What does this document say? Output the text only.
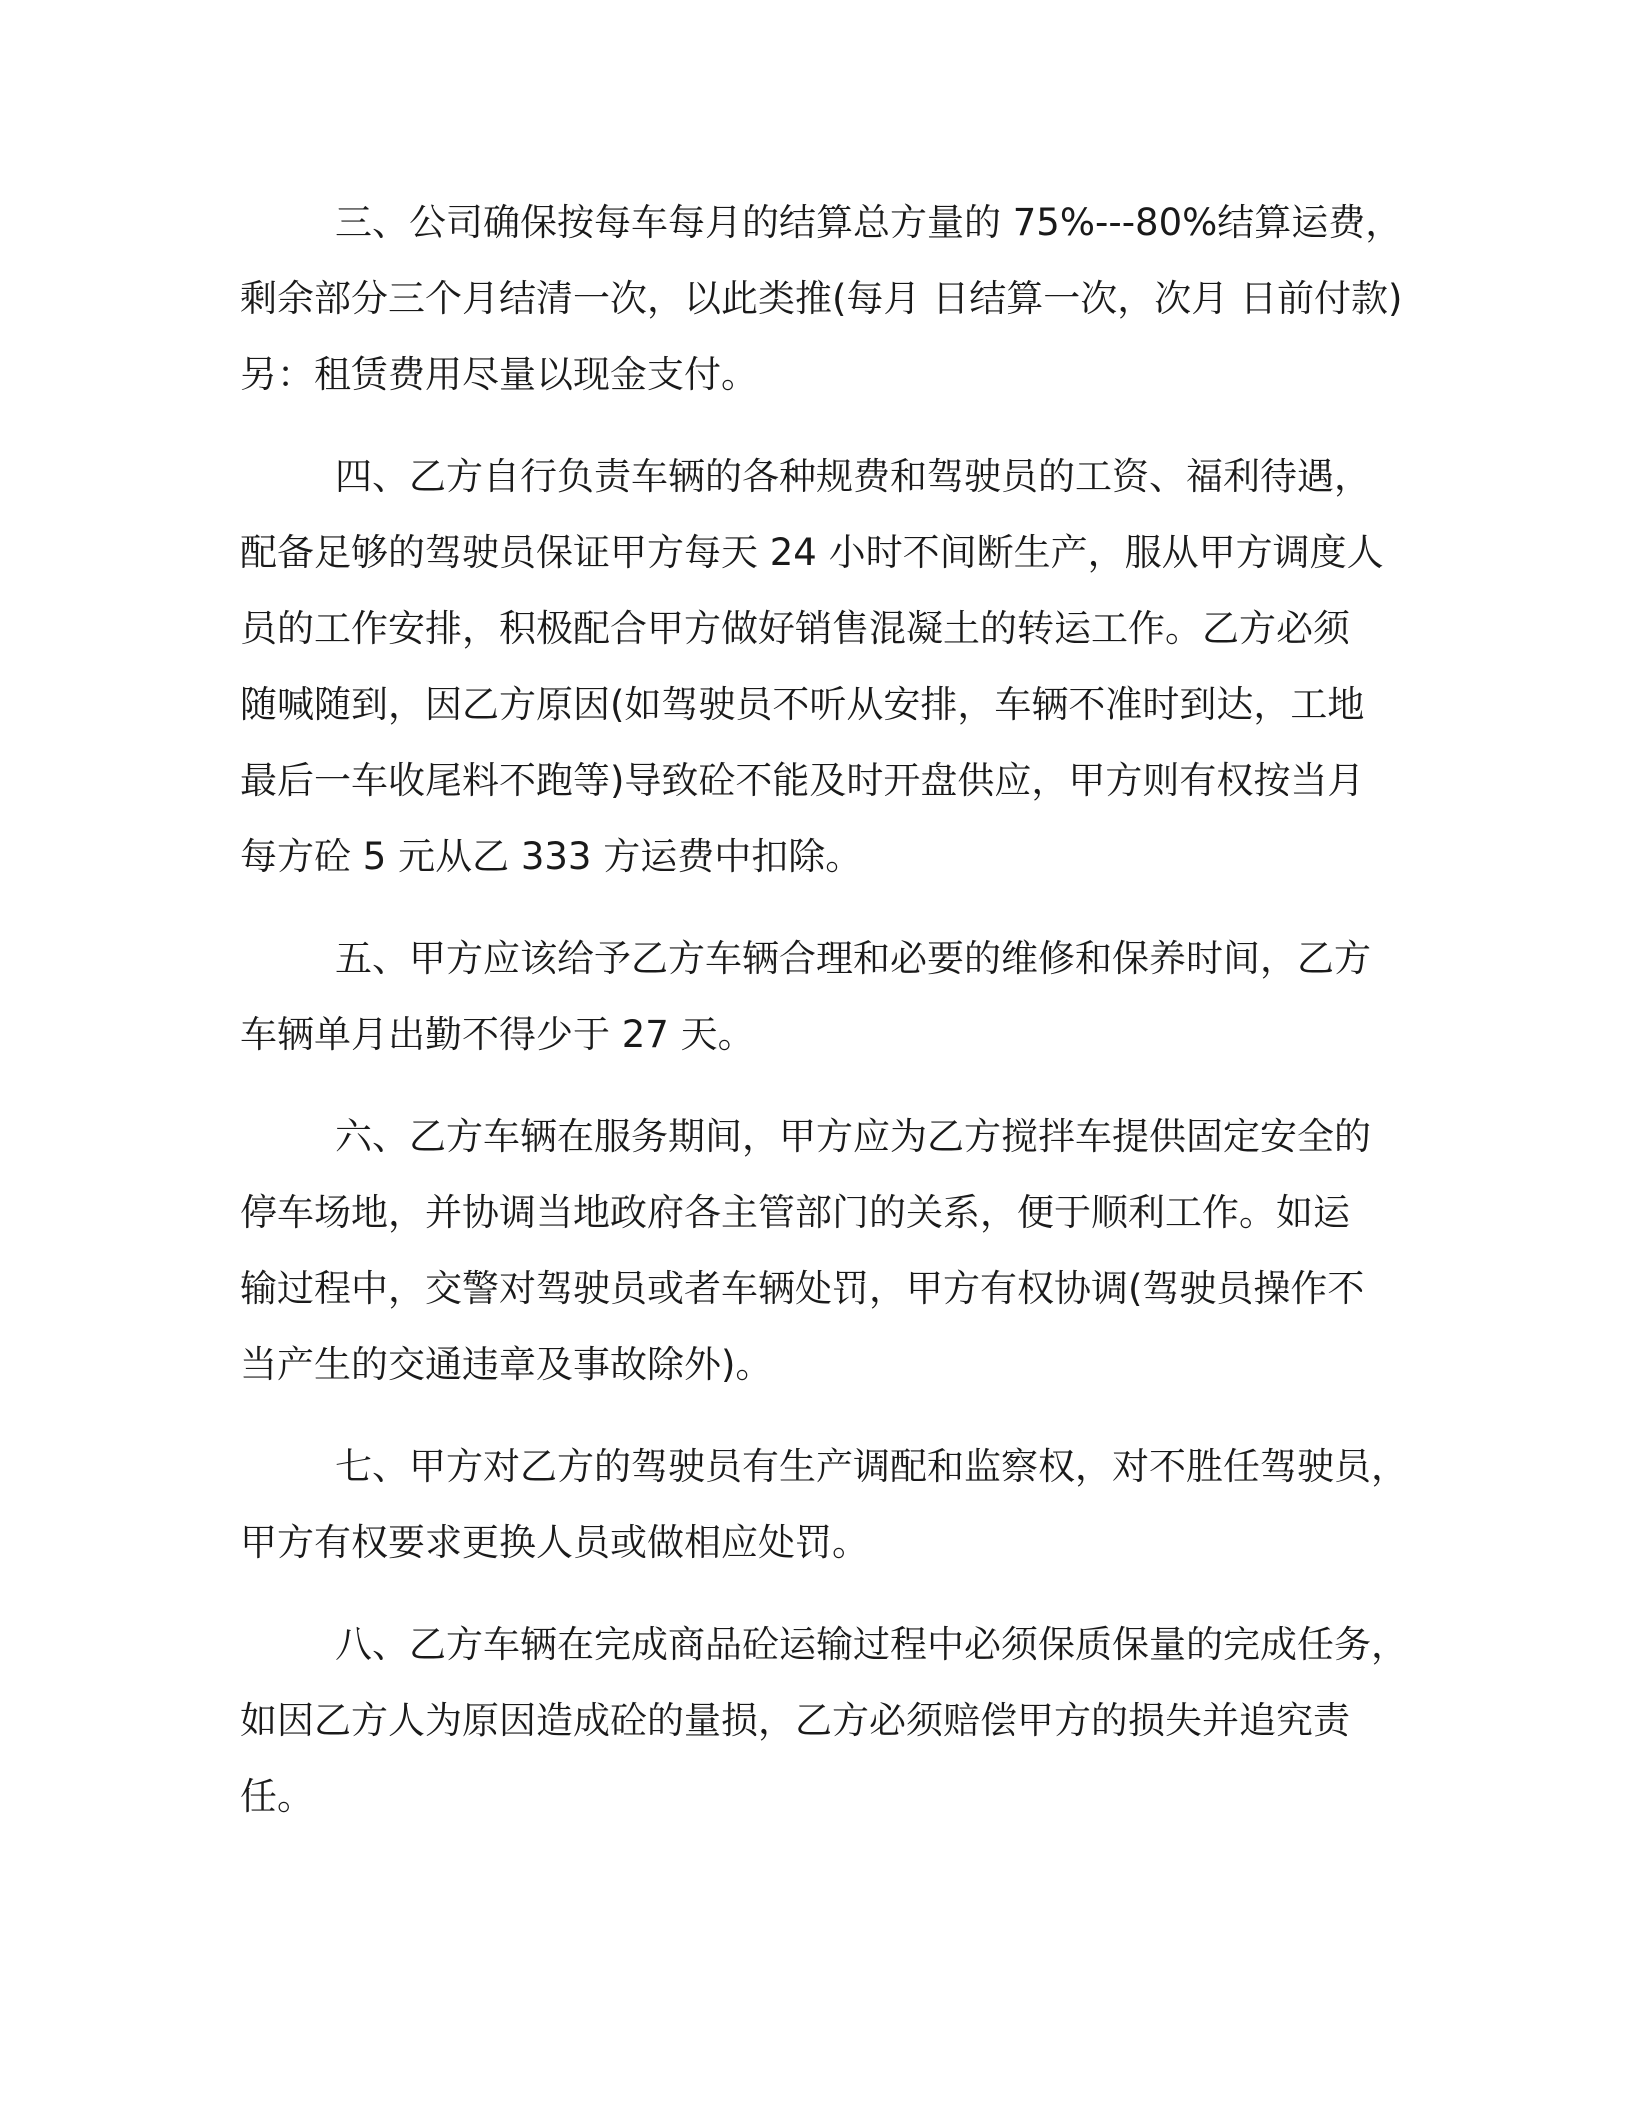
三、公司确保按每车每月的结算总方量的 75%---80%结算运费，
剩余部分三个月结清一次，以此类推(每月 日结算一次，次月 日前付款)
另：租赁费用尽量以现金支付。

四、乙方自行负责车辆的各种规费和驾驶员的工资、福利待遇，
配备足够的驾驶员保证甲方每天 24 小时不间断生产，服从甲方调度人
员的工作安排，积极配合甲方做好销售混凝土的转运工作。乙方必须
随喊随到，因乙方原因(如驾驶员不听从安排，车辆不准时到达，工地
最后一车收尾料不跑等)导致砼不能及时开盘供应，甲方则有权按当月
每方砼 5 元从乙 333 方运费中扣除。

五、甲方应该给予乙方车辆合理和必要的维修和保养时间，乙方
车辆单月出勤不得少于 27 天。

六、乙方车辆在服务期间，甲方应为乙方搅拌车提供固定安全的
停车场地，并协调当地政府各主管部门的关系，便于顺利工作。如运
输过程中，交警对驾驶员或者车辆处罚，甲方有权协调(驾驶员操作不
当产生的交通违章及事故除外)。

七、甲方对乙方的驾驶员有生产调配和监察权，对不胜任驾驶员，
甲方有权要求更换人员或做相应处罚。

八、乙方车辆在完成商品砼运输过程中必须保质保量的完成任务，
如因乙方人为原因造成砼的量损，乙方必须赔偿甲方的损失并追究责
任。
